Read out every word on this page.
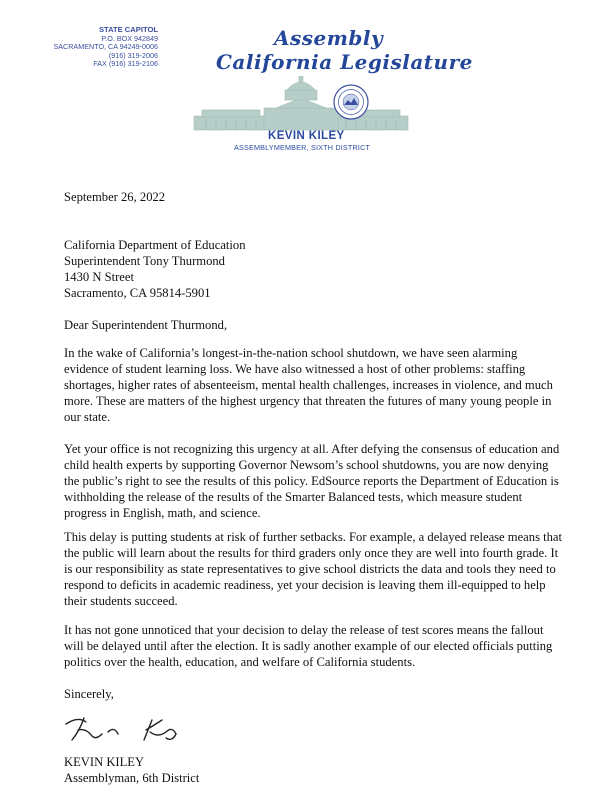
STATE CAPITOL
P.O. BOX 942849
SACRAMENTO, CA 94249-0006
(916) 319-2006
FAX (916) 319-2106
Assembly
California Legislature
KEVIN KILEY
ASSEMBLYMEMBER, SIXTH DISTRICT

September 26, 2022

California Department of Education
Superintendent Tony Thurmond
1430 N Street
Sacramento, CA 95814-5901

Dear Superintendent Thurmond,

In the wake of California’s longest-in-the-nation school shutdown, we have seen alarming evidence of student learning loss. We have also witnessed a host of other problems: staffing shortages, higher rates of absenteeism, mental health challenges, increases in violence, and much more. These are matters of the highest urgency that threaten the futures of many young people in our state.

Yet your office is not recognizing this urgency at all. After defying the consensus of education and child health experts by supporting Governor Newsom’s school shutdowns, you are now denying the public’s right to see the results of this policy. EdSource reports the Department of Education is withholding the release of the results of the Smarter Balanced tests, which measure student progress in English, math, and science.

This delay is putting students at risk of further setbacks. For example, a delayed release means that the public will learn about the results for third graders only once they are well into fourth grade. It is our responsibility as state representatives to give school districts the data and tools they need to respond to deficits in academic readiness, yet your decision is leaving them ill-equipped to help their students succeed.

It has not gone unnoticed that your decision to delay the release of test scores means the fallout will be delayed until after the election. It is sadly another example of our elected officials putting politics over the health, education, and welfare of California students.

Sincerely,

KEVIN KILEY
Assemblyman, 6th District
